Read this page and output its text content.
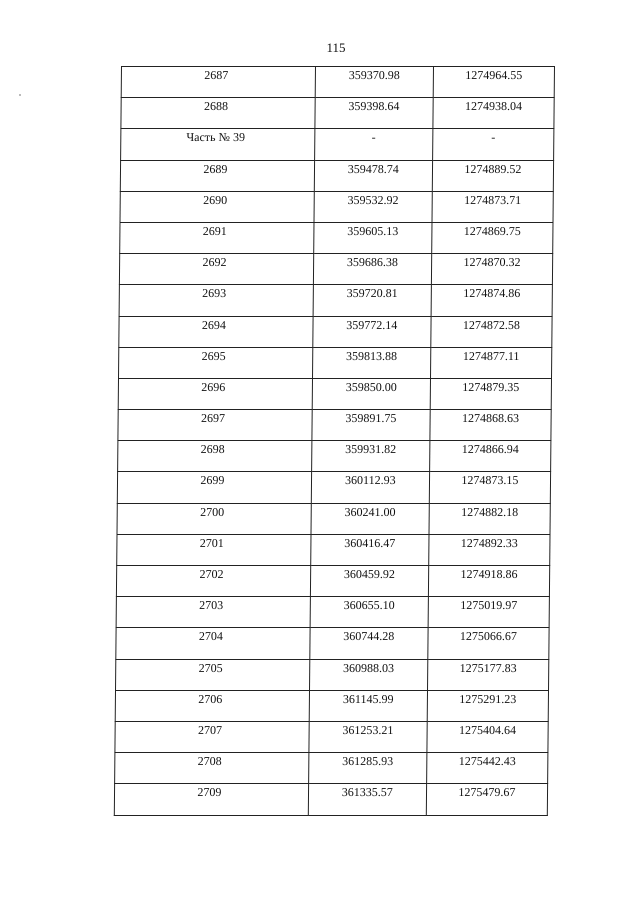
115
2687	359370.98	1274964.55

2688	359398.64	1274938.04

Часть № 39	-	-

2689	359478.74	1274889.52

2690	359532.92	1274873.71

2691	359605.13	1274869.75

2692	359686.38	1274870.32

2693	359720.81	1274874.86

2694	359772.14	1274872.58

2695	359813.88	1274877.11

2696	359850.00	1274879.35

2697	359891.75	1274868.63

2698	359931.82	1274866.94

2699	360112.93	1274873.15

2700	360241.00	1274882.18

2701	360416.47	1274892.33

2702	360459.92	1274918.86

2703	360655.10	1275019.97

2704	360744.28	1275066.67

2705	360988.03	1275177.83

2706	361145.99	1275291.23

2707	361253.21	1275404.64

2708	361285.93	1275442.43

2709	361335.57	1275479.67
